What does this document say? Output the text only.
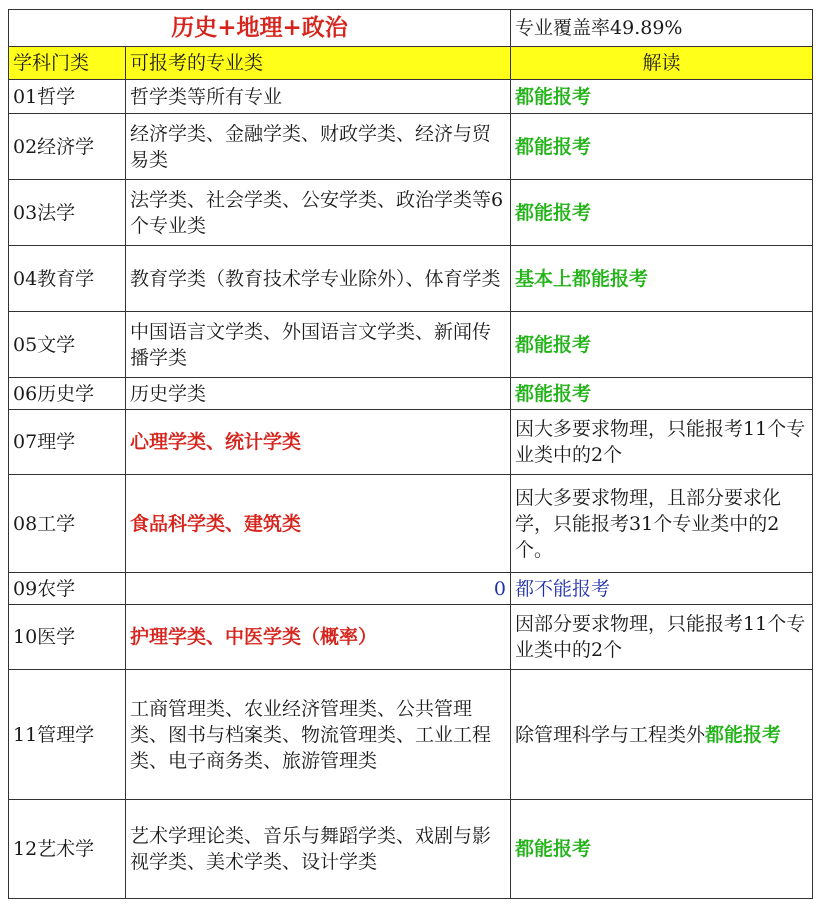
历史+地理+政治		专业覆盖率49.89%
学科门类	可报考的专业类	解读
01哲学	哲学类等所有专业	都能报考
02经济学	经济学类、金融学类、财政学类、经济与贸易类	都能报考
03法学	法学类、社会学类、公安学类、政治学类等6个专业类	都能报考
04教育学	教育学类（教育技术学专业除外）、体育学类	基本上都能报考
05文学	中国语言文学类、外国语言文学类、新闻传播学类	都能报考
06历史学	历史学类	都能报考
07理学	心理学类、统计学类	因大多要求物理，只能报考11个专业类中的2个
08工学	食品科学类、建筑类	因大多要求物理，且部分要求化学，只能报考31个专业类中的2个。
09农学	0	都不能报考
10医学	护理学类、中医学类（概率）	因部分要求物理，只能报考11个专业类中的2个
11管理学	工商管理类、农业经济管理类、公共管理类、图书与档案类、物流管理类、工业工程类、电子商务类、旅游管理类	除管理科学与工程类外都能报考
12艺术学	艺术学理论类、音乐与舞蹈学类、戏剧与影视学类、美术学类、设计学类	都能报考
